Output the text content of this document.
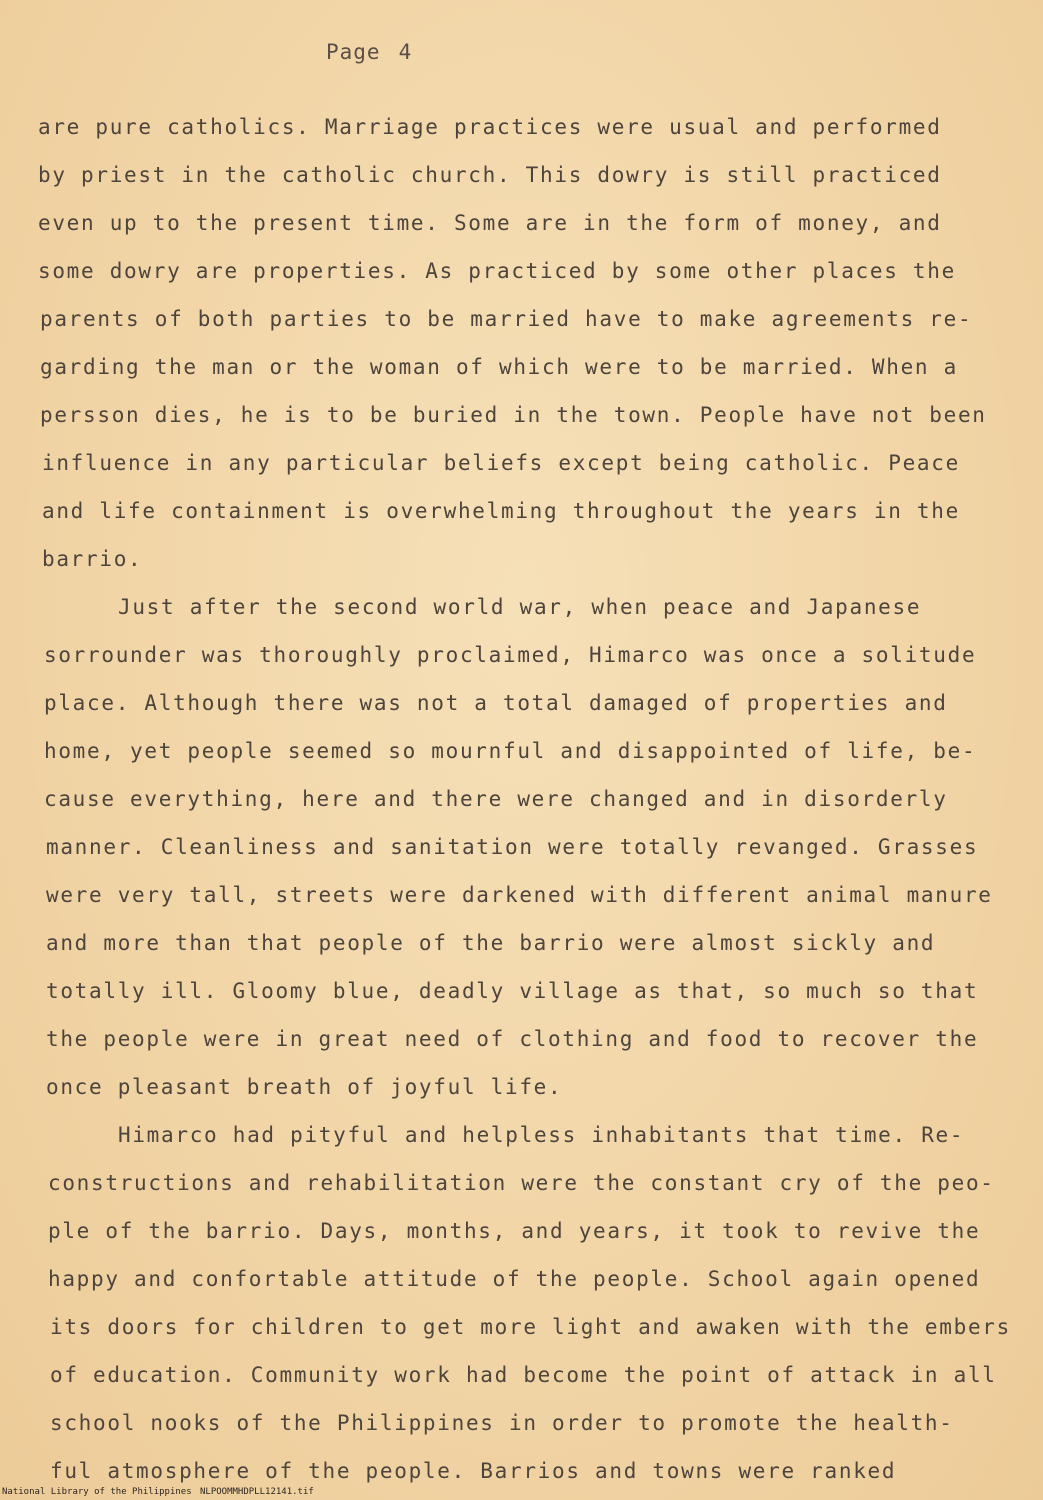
Page 4
are pure catholics. Marriage practices were usual and performed
by priest in the catholic church. This dowry is still practiced
even up to the present time. Some are in the form of money, and
some dowry are properties. As practiced by some other places the
parents of both parties to be married have to make agreements re-
garding the man or the woman of which were to be married. When a
persson dies, he is to be buried in the town. People have not been
influence in any particular beliefs except being catholic. Peace
and life containment is overwhelming throughout the years in the
barrio.
Just after the second world war, when peace and Japanese
sorrounder was thoroughly proclaimed, Himarco was once a solitude
place. Although there was not a total damaged of properties and
home, yet people seemed so mournful and disappointed of life, be-
cause everything, here and there were changed and in disorderly
manner. Cleanliness and sanitation were totally revanged. Grasses
were very tall, streets were darkened with different animal manure
and more than that people of the barrio were almost sickly and
totally ill. Gloomy blue, deadly village as that, so much so that
the people were in great need of clothing and food to recover the
once pleasant breath of joyful life.
Himarco had pityful and helpless inhabitants that time. Re-
constructions and rehabilitation were the constant cry of the peo-
ple of the barrio. Days, months, and years, it took to revive the
happy and confortable attitude of the people. School again opened
its doors for children to get more light and awaken with the embers
of education. Community work had become the point of attack in all
school nooks of the Philippines in order to promote the health-
ful atmosphere of the people. Barrios and towns were ranked
National Library of the Philippines NLPOOMMHDPLL12141.tif
